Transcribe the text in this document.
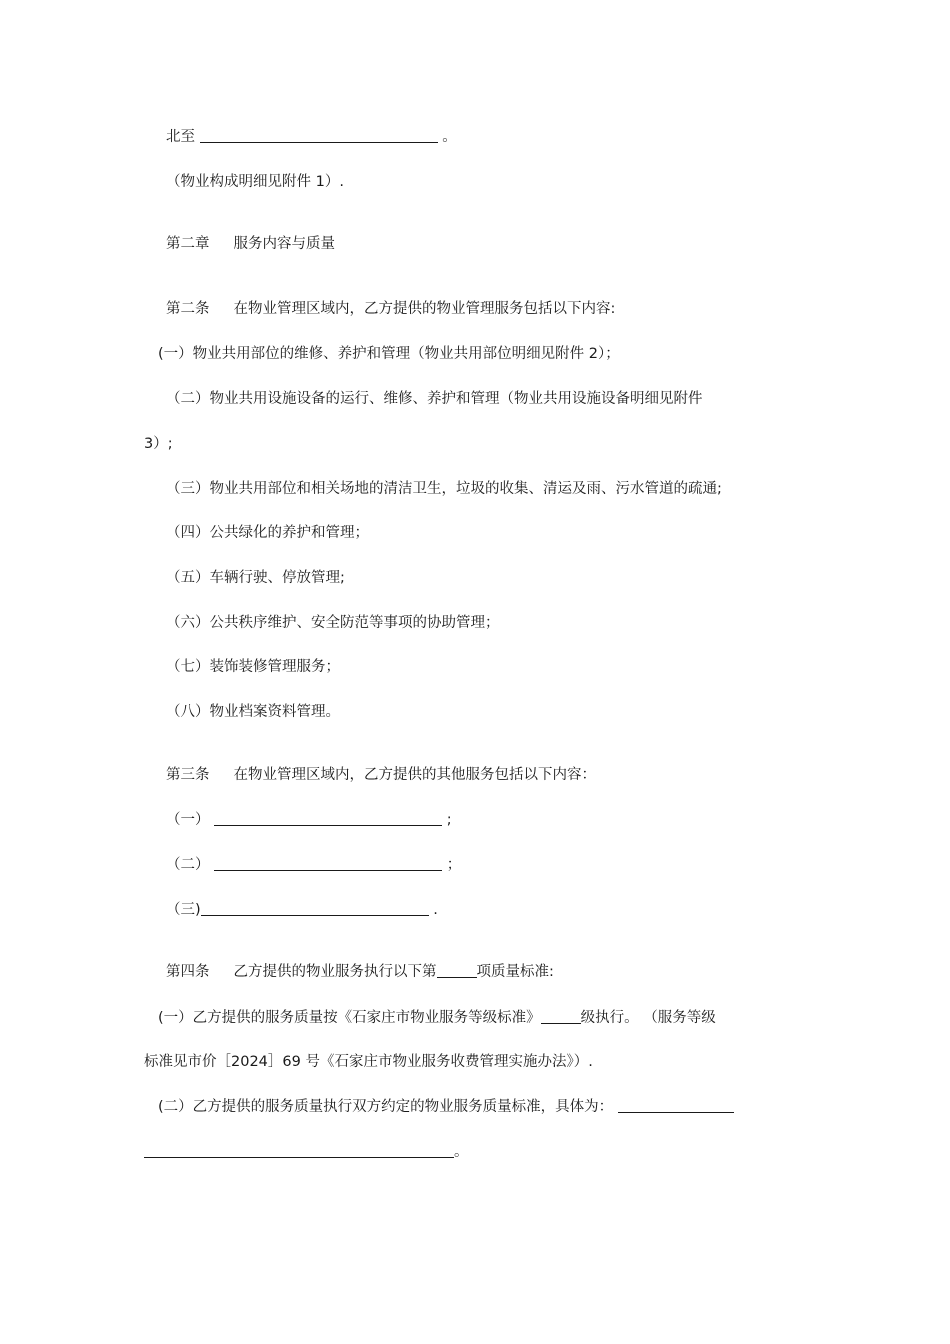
北至	。
（物业构成明细见附件 1）.
第二章 服务内容与质量
第二条 在物业管理区域内，乙方提供的物业管理服务包括以下内容:
(一）物业共用部位的维修、养护和管理（物业共用部位明细见附件 2）；
（二）物业共用设施设备的运行、维修、养护和管理（物业共用设施设备明细见附件
3）;
（三）物业共用部位和相关场地的清洁卫生，垃圾的收集、清运及雨、污水管道的疏通;
（四）公共绿化的养护和管理；
（五）车辆行驶、停放管理;
（六）公共秩序维护、安全防范等事项的协助管理；
（七）装饰装修管理服务；
（八）物业档案资料管理。
第三条 在物业管理区域内，乙方提供的其他服务包括以下内容：
（一）	;
（二）	；
（三)	.
第四条 乙方提供的物业服务执行以下第	项质量标准:
(一）乙方提供的服务质量按《石家庄市物业服务等级标准》	级执行。 （服务等级
标准见市价［2024］69 号《石家庄市物业服务收费管理实施办法》）.
(二）乙方提供的服务质量执行双方约定的物业服务质量标准，具体为：
。
